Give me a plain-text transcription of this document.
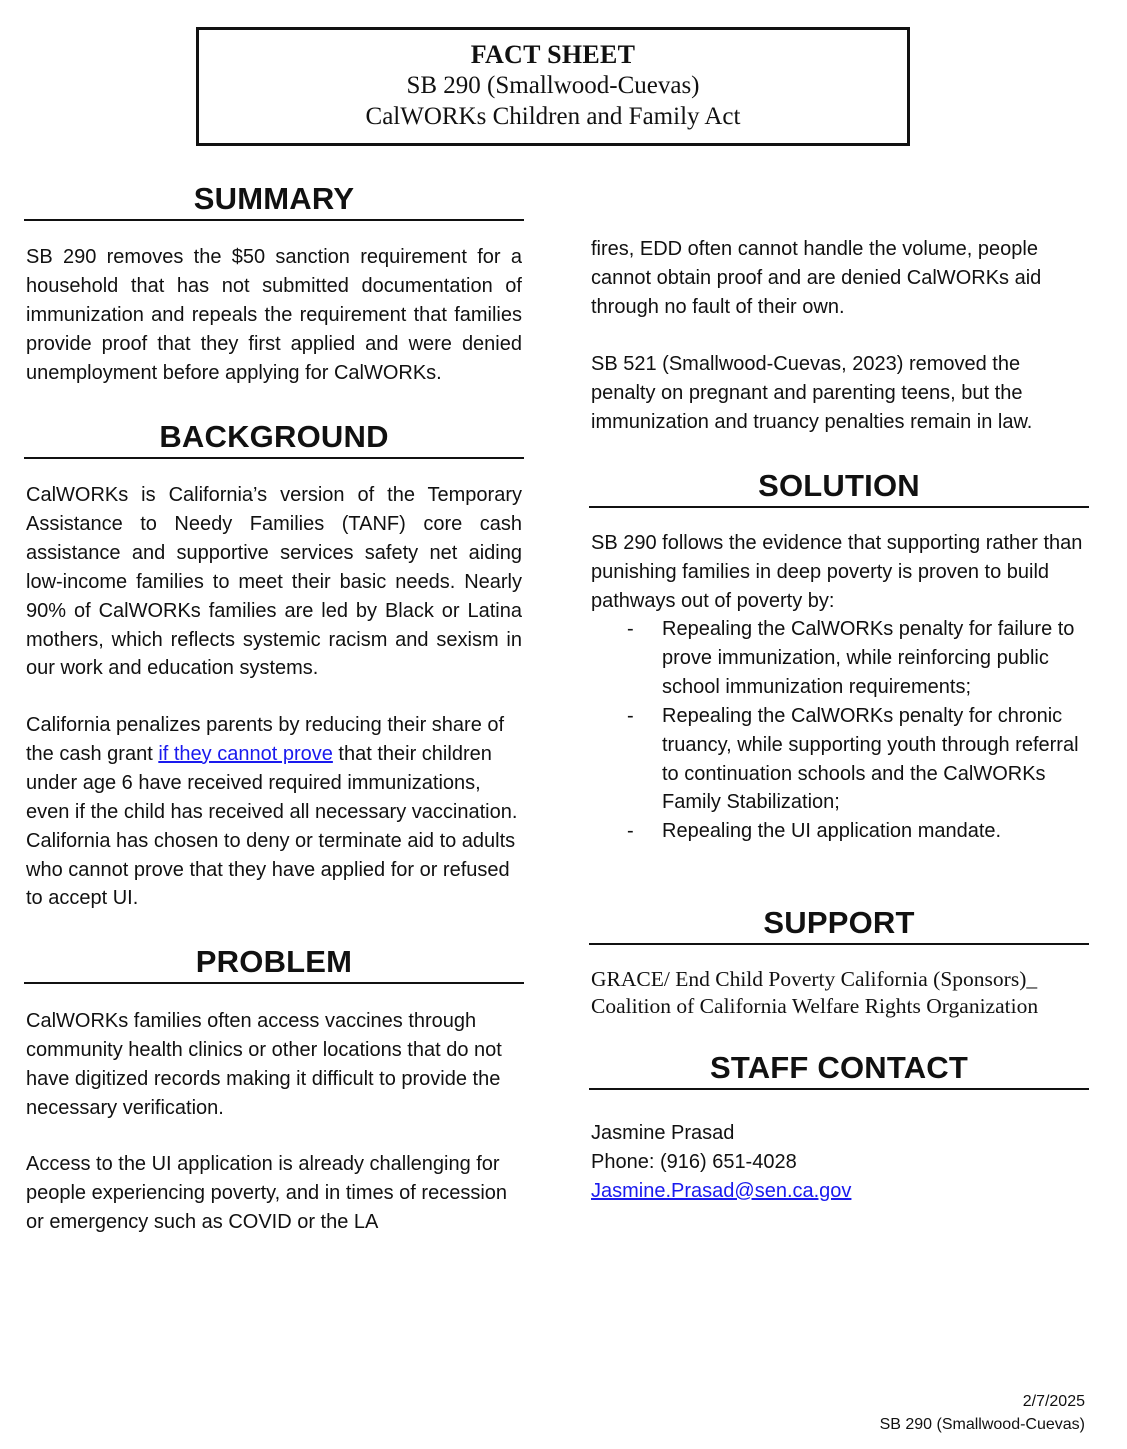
FACT SHEET
SB 290 (Smallwood-Cuevas)
CalWORKs Children and Family Act
SUMMARY
SB 290 removes the $50 sanction requirement for a household that has not submitted documentation of immunization and repeals the requirement that families provide proof that they first applied and were denied unemployment before applying for CalWORKs.
BACKGROUND
CalWORKs is California’s version of the Temporary Assistance to Needy Families (TANF) core cash assistance and supportive services safety net aiding low-income families to meet their basic needs. Nearly 90% of CalWORKs families are led by Black or Latina mothers, which reflects systemic racism and sexism in our work and education systems.
California penalizes parents by reducing their share of the cash grant if they cannot prove that their children under age 6 have received required immunizations, even if the child has received all necessary vaccination. California has chosen to deny or terminate aid to adults who cannot prove that they have applied for or refused to accept UI.
PROBLEM
CalWORKs families often access vaccines through community health clinics or other locations that do not have digitized records making it difficult to provide the necessary verification.
Access to the UI application is already challenging for people experiencing poverty, and in times of recession or emergency such as COVID or the LA
fires, EDD often cannot handle the volume, people cannot obtain proof and are denied CalWORKs aid through no fault of their own.
SB 521 (Smallwood-Cuevas, 2023) removed the penalty on pregnant and parenting teens, but the immunization and truancy penalties remain in law.
SOLUTION
SB 290 follows the evidence that supporting rather than punishing families in deep poverty is proven to build pathways out of poverty by:
- Repealing the CalWORKs penalty for failure to prove immunization, while reinforcing public school immunization requirements;
- Repealing the CalWORKs penalty for chronic truancy, while supporting youth through referral to continuation schools and the CalWORKs Family Stabilization;
- Repealing the UI application mandate.
SUPPORT
GRACE/ End Child Poverty California (Sponsors)_
Coalition of California Welfare Rights Organization
STAFF CONTACT
Jasmine Prasad
Phone: (916) 651-4028
Jasmine.Prasad@sen.ca.gov
2/7/2025
SB 290 (Smallwood-Cuevas)
